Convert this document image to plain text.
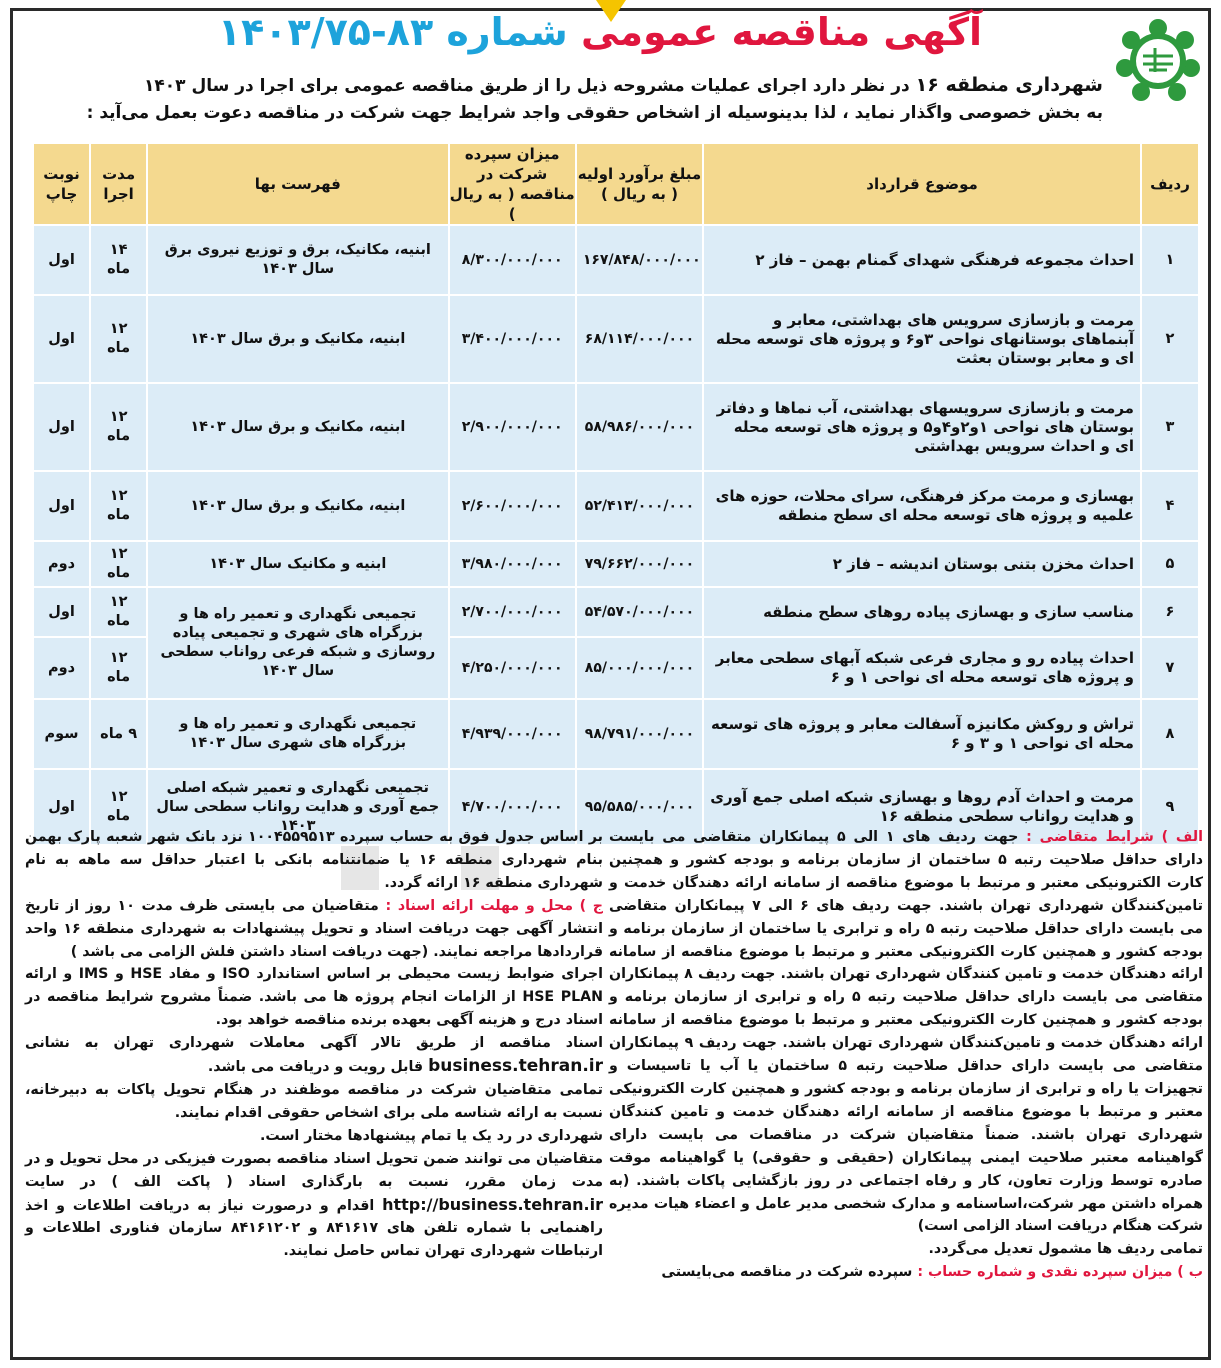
آگهی مناقصه عمومی شماره ۸۳-۱۴۰۳/۷۵
شهرداری منطقه ۱۶ در نظر دارد اجرای عملیات مشروحه ذیل را از طریق مناقصه عمومی برای اجرا در سال ۱۴۰۳
به بخش خصوصی واگذار نماید ، لذا بدینوسیله از اشخاص حقوقی واجد شرایط جهت شرکت در مناقصه دعوت بعمل می‌آید :
ردیف	موضوع قرارداد	مبلغ برآورد اولیه ( به ریال )	میزان سپرده شرکت در مناقصه ( به ریال )	فهرست بها	مدت اجرا	نوبت چاپ
۱	احداث مجموعه فرهنگی شهدای گمنام بهمن – فاز ۲	۱۶۷/۸۴۸/۰۰۰/۰۰۰	۸/۳۰۰/۰۰۰/۰۰۰	ابنیه، مکانیک، برق و توزیع نیروی برق سال ۱۴۰۳	۱۴ ماه	اول
۲	مرمت و بازسازی سرویس های بهداشتی، معابر و آبنماهای بوستانهای نواحی ۳و۶ و پروژه های توسعه محله ای و معابر بوستان بعثت	۶۸/۱۱۴/۰۰۰/۰۰۰	۳/۴۰۰/۰۰۰/۰۰۰	ابنیه، مکانیک و برق سال ۱۴۰۳	۱۲ ماه	اول
۳	مرمت و بازسازی سرویسهای بهداشتی، آب نماها و دفاتر بوستان های نواحی ۱و۲و۴و۵ و پروژه های توسعه محله ای و احداث سرویس بهداشتی	۵۸/۹۸۶/۰۰۰/۰۰۰	۲/۹۰۰/۰۰۰/۰۰۰	ابنیه، مکانیک و برق سال ۱۴۰۳	۱۲ ماه	اول
۴	بهسازی و مرمت مرکز فرهنگی، سرای محلات، حوزه های علمیه و پروژه های توسعه محله ای سطح منطقه	۵۲/۴۱۳/۰۰۰/۰۰۰	۲/۶۰۰/۰۰۰/۰۰۰	ابنیه، مکانیک و برق سال ۱۴۰۳	۱۲ ماه	اول
۵	احداث مخزن بتنی بوستان اندیشه – فاز ۲	۷۹/۶۶۲/۰۰۰/۰۰۰	۳/۹۸۰/۰۰۰/۰۰۰	ابنیه و مکانیک سال ۱۴۰۳	۱۲ ماه	دوم
۶	مناسب سازی و بهسازی پیاده روهای سطح منطقه	۵۴/۵۷۰/۰۰۰/۰۰۰	۲/۷۰۰/۰۰۰/۰۰۰	تجمیعی نگهداری و تعمیر راه ها و بزرگراه های شهری و تجمیعی پیاده روسازی و شبکه فرعی رواناب سطحی سال ۱۴۰۳	۱۲ ماه	اول
۷	احداث پیاده رو و مجاری فرعی شبکه آبهای سطحی معابر و پروژه های توسعه محله ای نواحی ۱ و ۶	۸۵/۰۰۰/۰۰۰/۰۰۰	۴/۲۵۰/۰۰۰/۰۰۰		۱۲ ماه	دوم
۸	تراش و روکش مکانیزه آسفالت معابر و پروژه های توسعه محله ای نواحی ۱ و ۳ و ۶	۹۸/۷۹۱/۰۰۰/۰۰۰	۴/۹۳۹/۰۰۰/۰۰۰	تجمیعی نگهداری و تعمیر راه ها و بزرگراه های شهری سال ۱۴۰۳	۹ ماه	سوم
۹	مرمت و احداث آدم روها و بهسازی شبکه اصلی جمع آوری و هدایت رواناب سطحی منطقه ۱۶	۹۵/۵۸۵/۰۰۰/۰۰۰	۴/۷۰۰/۰۰۰/۰۰۰	تجمیعی نگهداری و تعمیر شبکه اصلی جمع آوری و هدایت رواناب سطحی سال ۱۴۰۳	۱۲ ماه	اول
الف ) شرایط متقاضی : جهت ردیف های ۱ الی ۵ پیمانکاران متقاضی می بایست دارای حداقل صلاحیت رتبه ۵ ساختمان از سازمان برنامه و بودجه کشور و همچنین کارت الکترونیکی معتبر و مرتبط با موضوع مناقصه از سامانه ارائه دهندگان خدمت و تامین‌کنندگان شهرداری تهران باشند. جهت ردیف های ۶ الی ۷ پیمانکاران متقاضی می بایست دارای حداقل صلاحیت رتبه ۵ راه و ترابری یا ساختمان از سازمان برنامه و بودجه کشور و همچنین کارت الکترونیکی معتبر و مرتبط با موضوع مناقصه از سامانه ارائه دهندگان خدمت و تامین کنندگان شهرداری تهران باشند. جهت ردیف ۸ پیمانکاران متقاضی می بایست دارای حداقل صلاحیت رتبه ۵ راه و ترابری از سازمان برنامه و بودجه کشور و همچنین کارت الکترونیکی معتبر و مرتبط با موضوع مناقصه از سامانه ارائه دهندگان خدمت و تامین‌کنندگان شهرداری تهران باشند. جهت ردیف ۹ پیمانکاران متقاضی می بایست دارای حداقل صلاحیت رتبه ۵ ساختمان یا آب یا تاسیسات و تجهیزات یا راه و ترابری از سازمان برنامه و بودجه کشور و همچنین کارت الکترونیکی معتبر و مرتبط با موضوع مناقصه از سامانه ارائه دهندگان خدمت و تامین کنندگان شهرداری تهران باشند. ضمناً متقاضیان شرکت در مناقصات می بایست دارای گواهینامه معتبر صلاحیت ایمنی پیمانکاران (حقیقی و حقوقی) یا گواهینامه موقت صادره توسط وزارت تعاون، کار و رفاه اجتماعی در روز بازگشایی پاکات باشند. (به همراه داشتن مهر شرکت،اساسنامه و مدارک شخصی مدیر عامل و اعضاء هیات مدیره شرکت هنگام دریافت اسناد الزامی است)
تمامی ردیف ها مشمول تعدیل می‌گردد.
ب ) میزان سپرده نقدی و شماره حساب : سپرده شرکت در مناقصه می‌بایستی
بر اساس جدول فوق به حساب سپرده ۱۰۰۴۵۵۹۵۱۳ نزد بانک شهر شعبه پارک بهمن بنام شهرداری منطقه ۱۶ یا ضمانتنامه بانکی با اعتبار حداقل سه ماهه به نام شهرداری منطقه ۱۶ ارائه گردد.
ج ) محل و مهلت ارائه اسناد : متقاضیان می بایستی ظرف مدت ۱۰ روز از تاریخ انتشار آگهی جهت دریافت اسناد و تحویل پیشنهادات به شهرداری منطقه ۱۶ واحد قراردادها مراجعه نمایند. (جهت دریافت اسناد داشتن فلش الزامی می باشد )
اجرای ضوابط زیست محیطی بر اساس استاندارد ISO و مفاد HSE و IMS و ارائه HSE PLAN از الزامات انجام پروژه ها می باشد. ضمناً مشروح شرایط مناقصه در اسناد درج و هزینه آگهی بعهده برنده مناقصه خواهد بود.
اسناد مناقصه از طریق تالار آگهی معاملات شهرداری تهران به نشانی business.tehran.ir قابل رویت و دریافت می باشد.
تمامی متقاضیان شرکت در مناقصه موظفند در هنگام تحویل پاکات به دبیرخانه، نسبت به ارائه شناسه ملی برای اشخاص حقوقی اقدام نمایند.
شهرداری در رد یک یا تمام پیشنهادها مختار است.
متقاضیان می توانند ضمن تحویل اسناد مناقصه بصورت فیزیکی در محل تحویل و در مدت زمان مقرر، نسبت به بارگذاری اسناد ( پاکت الف ) در سایت http://business.tehran.ir اقدام و درصورت نیاز به دریافت اطلاعات و اخذ راهنمایی با شماره تلفن های ۸۴۱۶۱۷ و ۸۴۱۶۱۲۰۲ سازمان فناوری اطلاعات و ارتباطات شهرداری تهران تماس حاصل نمایند.
